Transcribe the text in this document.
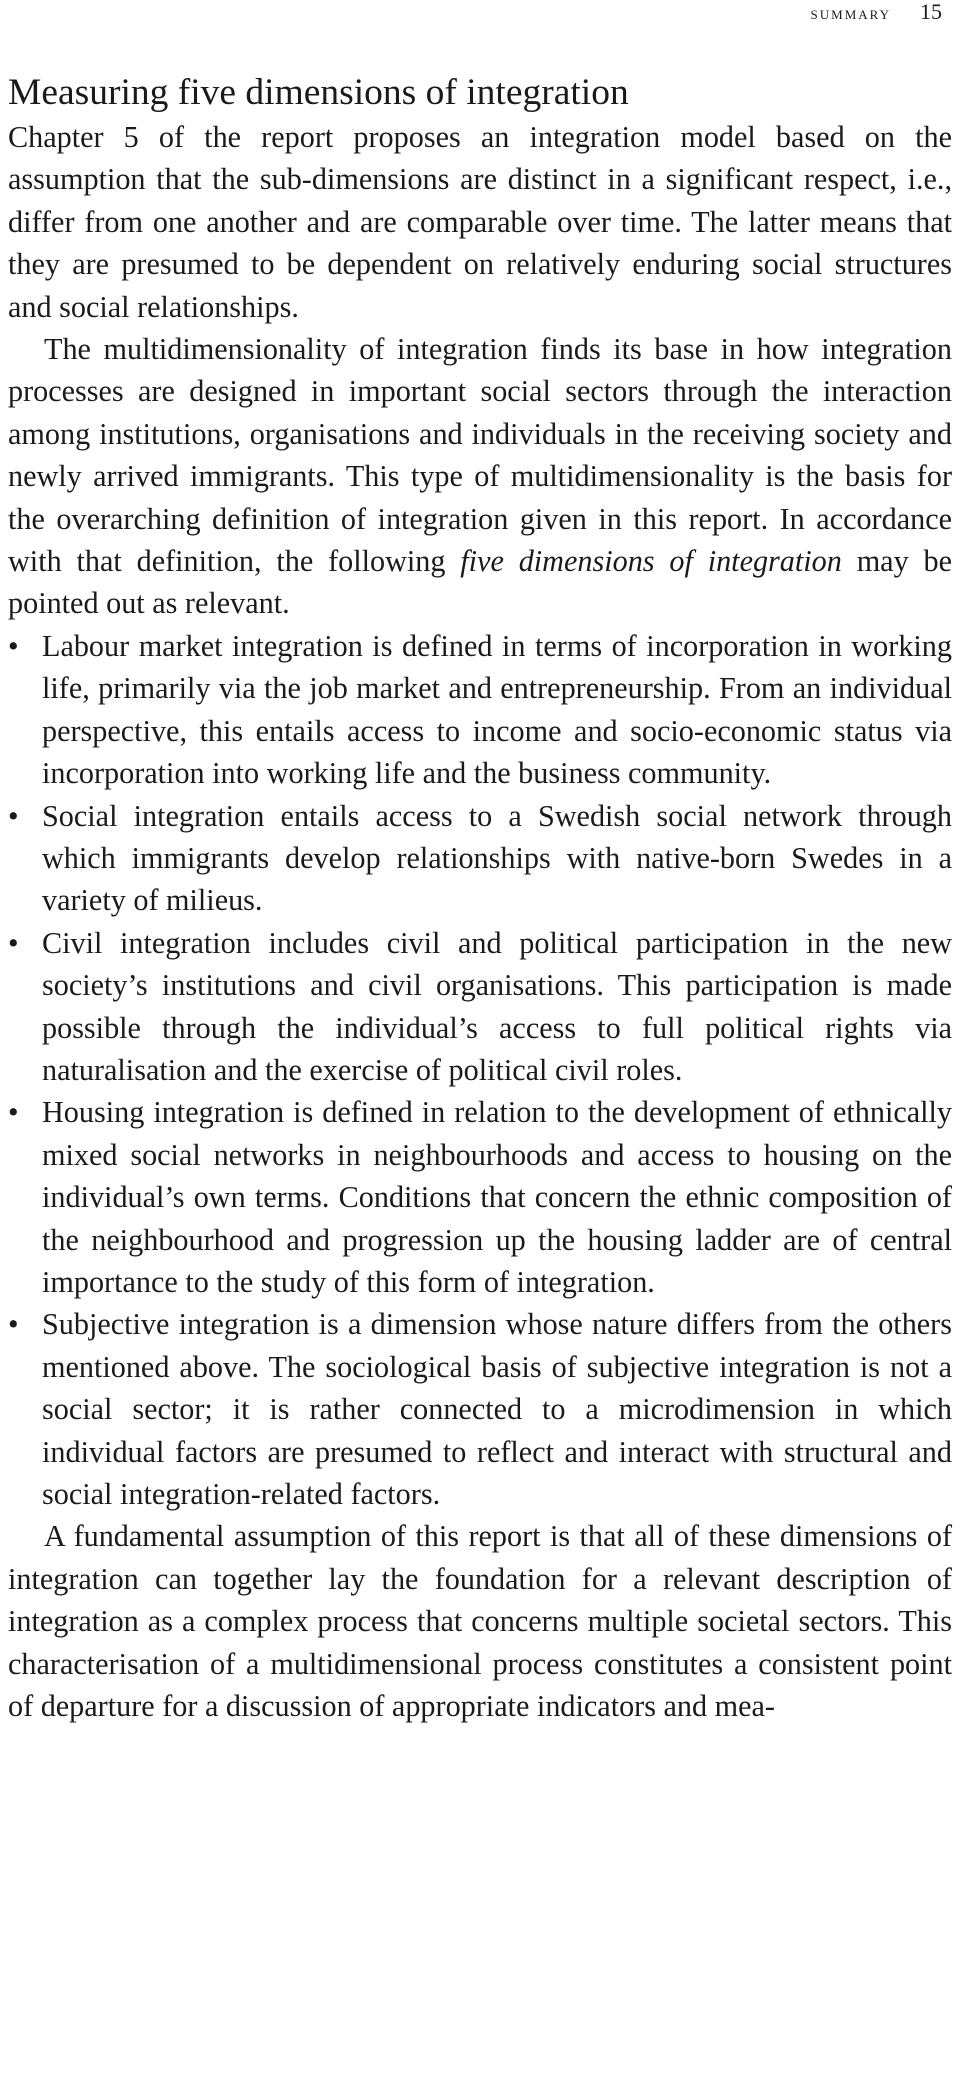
summary 15
Measuring five dimensions of integration

Chapter 5 of the report proposes an integration model based on the assumption that the sub-dimensions are distinct in a significant respect, i.e., differ from one another and are comparable over time. The latter means that they are presumed to be dependent on relatively enduring social structures and social relationships.

The multidimensionality of integration finds its base in how integration processes are designed in important social sectors through the interaction among institutions, organisations and individuals in the receiving society and newly arrived immigrants. This type of multidimensionality is the basis for the overarching definition of integration given in this report. In accordance with that definition, the following five dimensions of integration may be pointed out as relevant.

• Labour market integration is defined in terms of incorporation in working life, primarily via the job market and entrepreneurship. From an individual perspective, this entails access to income and socio-economic status via incorporation into working life and the business community.
• Social integration entails access to a Swedish social network through which immigrants develop relationships with native-born Swedes in a variety of milieus.
• Civil integration includes civil and political participation in the new society’s institutions and civil organisations. This participation is made possible through the individual’s access to full political rights via naturalisation and the exercise of political civil roles.
• Housing integration is defined in relation to the development of ethnically mixed social networks in neighbourhoods and access to housing on the individual’s own terms. Conditions that concern the ethnic composition of the neighbourhood and progression up the housing ladder are of central importance to the study of this form of integration.
• Subjective integration is a dimension whose nature differs from the others mentioned above. The sociological basis of subjective integration is not a social sector; it is rather connected to a microdimension in which individual factors are presumed to reflect and interact with structural and social integration-related factors.

A fundamental assumption of this report is that all of these dimensions of integration can together lay the foundation for a relevant description of integration as a complex process that concerns multiple societal sectors. This characterisation of a multidimensional process constitutes a consistent point of departure for a discussion of appropriate indicators and mea-
